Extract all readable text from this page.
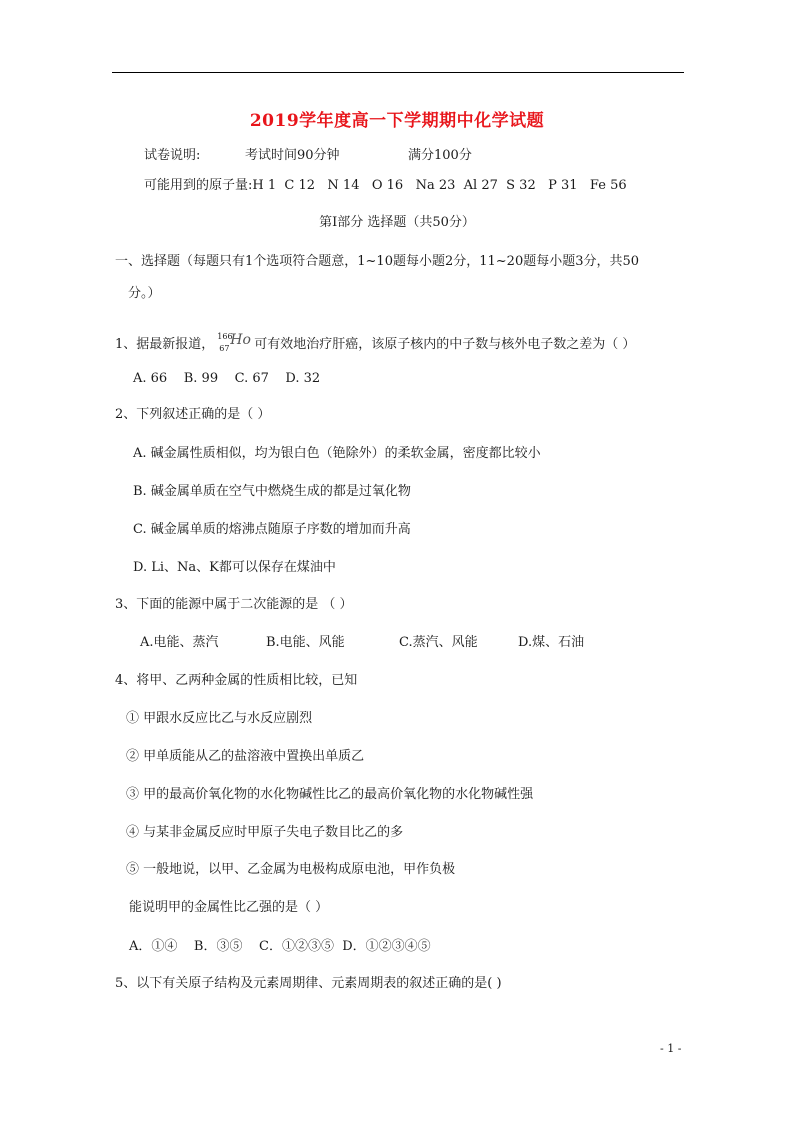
2019学年度高一下学期期中化学试题
试卷说明:	考试时间90分钟	满分100分
可能用到的原子量:H 1  C 12   N 14   O 16   Na 23  Al 27  S 32   P 31   Fe 56
第I部分 选择题（共50分）
一、选择题（每题只有1个选项符合题意，1~10题每小题2分，11~20题每小题3分，共50
分。）
1、据最新报道，
166
67
Ho 可有效地治疗肝癌，该原子核内的中子数与核外电子数之差为（ ）
A. 66    B. 99    C. 67    D. 32
2、下列叙述正确的是（ ）
A. 碱金属性质相似，均为银白色（铯除外）的柔软金属，密度都比较小
B. 碱金属单质在空气中燃烧生成的都是过氧化物
C. 碱金属单质的熔沸点随原子序数的增加而升高
D. Li、Na、K都可以保存在煤油中
3、下面的能源中属于二次能源的是 （ ）
A.电能、蒸汽	B.电能、风能	C.蒸汽、风能	D.煤、石油
4、将甲、乙两种金属的性质相比较，已知
① 甲跟水反应比乙与水反应剧烈
② 甲单质能从乙的盐溶液中置换出单质乙
③ 甲的最高价氧化物的水化物碱性比乙的最高价氧化物的水化物碱性强
④ 与某非金属反应时甲原子失电子数目比乙的多
⑤ 一般地说，以甲、乙金属为电极构成原电池，甲作负极
能说明甲的金属性比乙强的是（ ）
A．①④    B．③⑤    C．①②③⑤  D．①②③④⑤
5、以下有关原子结构及元素周期律、元素周期表的叙述正确的是( )
- 1 -
